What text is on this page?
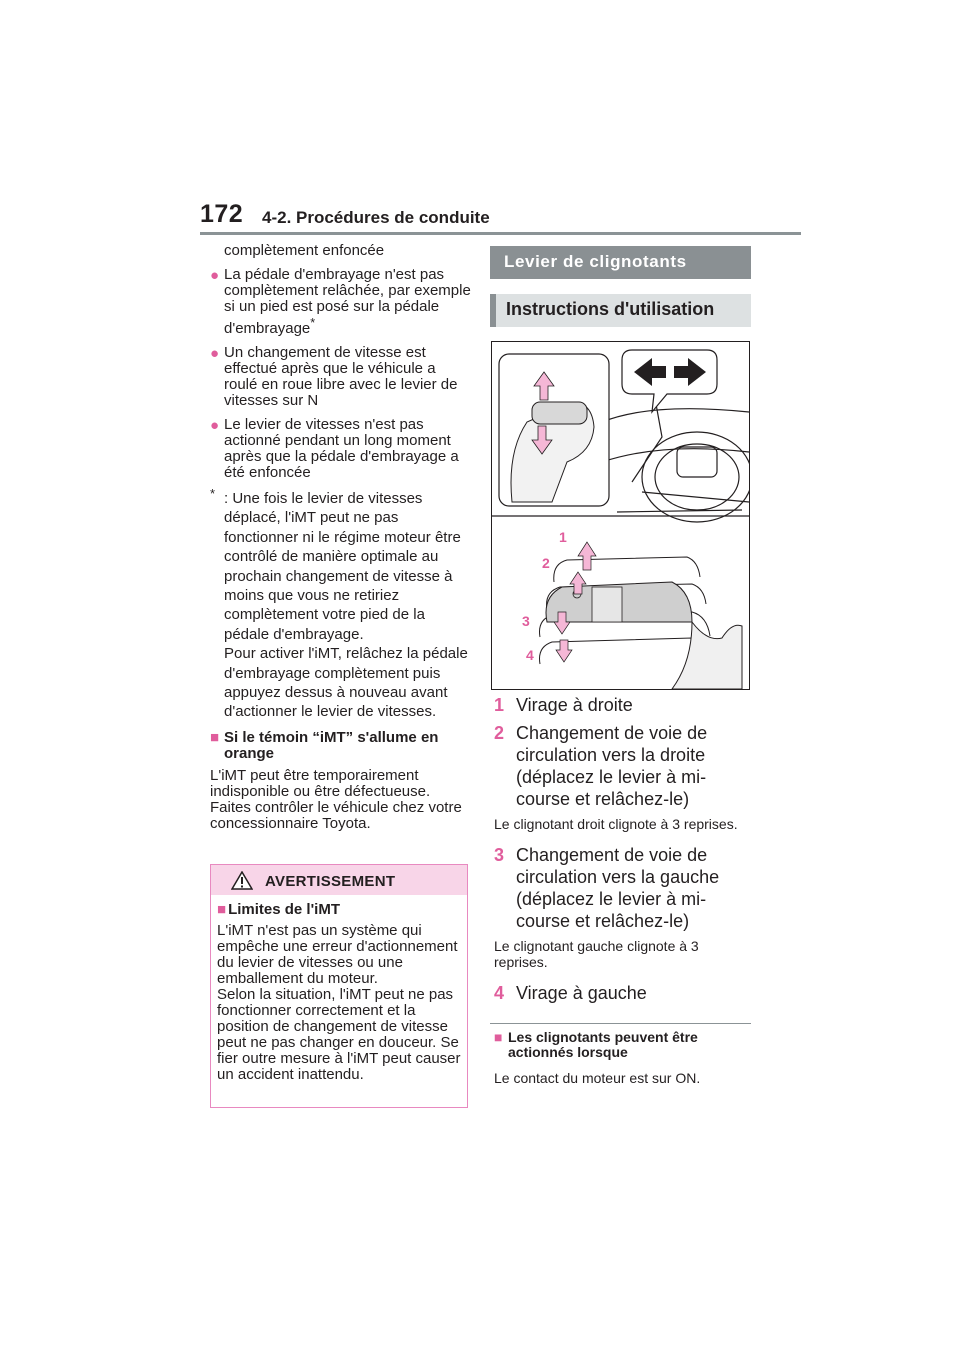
172 4-2. Procédures de conduite
complètement enfoncée
● La pédale d'embrayage n'est pas complètement relâchée, par exemple si un pied est posé sur la pédale d'embrayage*
● Un changement de vitesse est effectué après que le véhicule a roulé en roue libre avec le levier de vitesses sur N
● Le levier de vitesses n'est pas actionné pendant un long moment après que la pédale d'embrayage a été enfoncée
* : Une fois le levier de vitesses déplacé, l'iMT peut ne pas fonctionner ni le régime moteur être contrôlé de manière optimale au prochain changement de vitesse à moins que vous ne retiriez complètement votre pied de la pédale d'embrayage.
Pour activer l'iMT, relâchez la pédale d'embrayage complètement puis appuyez dessus à nouveau avant d'actionner le levier de vitesses.
■ Si le témoin “iMT” s'allume en orange
L'iMT peut être temporairement indisponible ou être défectueuse. Faites contrôler le véhicule chez votre concessionnaire Toyota.
AVERTISSEMENT
■ Limites de l'iMT
L'iMT n'est pas un système qui empêche une erreur d'actionnement du levier de vitesses ou une emballement du moteur.
Selon la situation, l'iMT peut ne pas fonctionner correctement et la position de changement de vitesse peut ne pas changer en douceur. Se fier outre mesure à l'iMT peut causer un accident inattendu.
Levier de clignotants
Instructions d'utilisation
1
2
3
4
1 Virage à droite
2 Changement de voie de circulation vers la droite (déplacez le levier à mi-course et relâchez-le)
Le clignotant droit clignote à 3 reprises.
3 Changement de voie de circulation vers la gauche (déplacez le levier à mi-course et relâchez-le)
Le clignotant gauche clignote à 3 reprises.
4 Virage à gauche
■ Les clignotants peuvent être actionnés lorsque
Le contact du moteur est sur ON.
